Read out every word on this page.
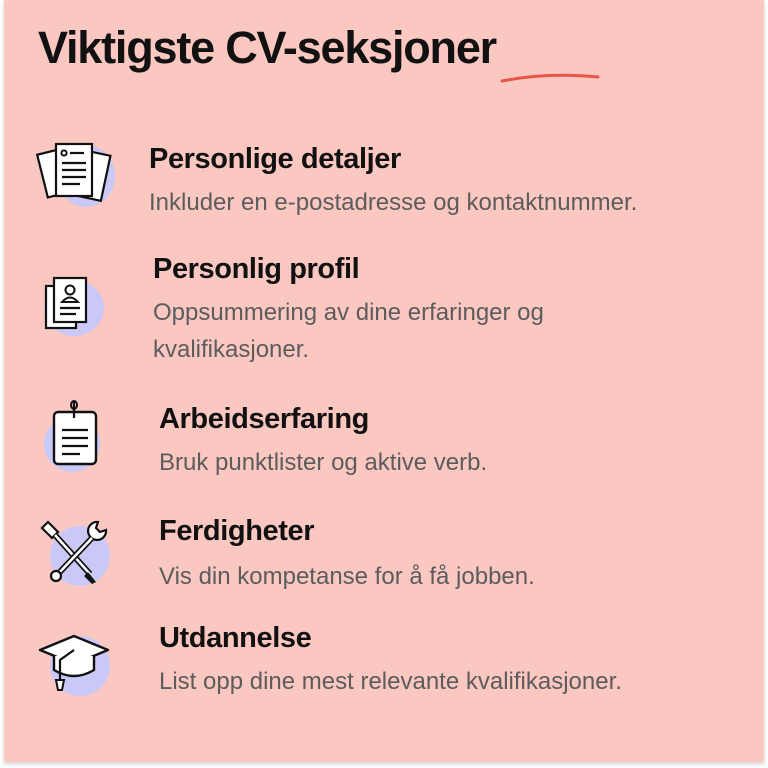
Viktigste CV-seksjoner
Personlige detaljer

Inkluder en e-postadresse og kontaktnummer.

Personlig profil

Oppsummering av dine erfaringer og kvalifikasjoner.

Arbeidserfaring

Bruk punktlister og aktive verb.

Ferdigheter

Vis din kompetanse for å få jobben.

Utdannelse

List opp dine mest relevante kvalifikasjoner.
